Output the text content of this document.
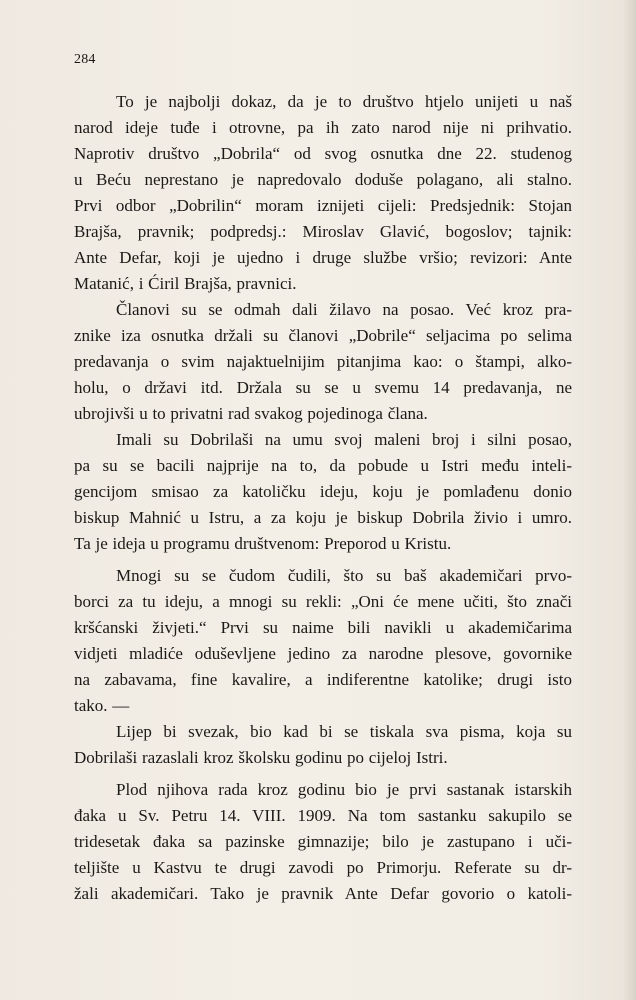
284
To je najbolji dokaz, da je to društvo htjelo unijeti u naš
narod ideje tuđe i otrovne, pa ih zato narod nije ni prihvatio.
Naprotiv društvo „Dobrila“ od svog osnutka dne 22. studenog
u Beću neprestano je napredovalo doduše polagano, ali stalno.
Prvi odbor „Dobrilin“ moram iznijeti cijeli: Predsjednik: Stojan
Brajša, pravnik; podpredsj.: Miroslav Glavić, bogoslov; tajnik:
Ante Defar, koji je ujedno i druge službe vršio; revizori: Ante
Matanić, i Ćiril Brajša, pravnici.
Članovi su se odmah dali žilavo na posao. Već kroz pra-
znike iza osnutka držali su članovi „Dobrile“ seljacima po selima
predavanja o svim najaktuelnijim pitanjima kao: o štampi, alko-
holu, o državi itd. Držala su se u svemu 14 predavanja, ne
ubrojivši u to privatni rad svakog pojedinoga člana.
Imali su Dobrilaši na umu svoj maleni broj i silni posao,
pa su se bacili najprije na to, da pobude u Istri među inteli-
gencijom smisao za katoličku ideju, koju je pomlađenu donio
biskup Mahnić u Istru, a za koju je biskup Dobrila živio i umro.
Ta je ideja u programu društvenom: Preporod u Kristu.
Mnogi su se čudom čudili, što su baš akademičari prvo-
borci za tu ideju, a mnogi su rekli: „Oni će mene učiti, što znači
kršćanski živjeti.“ Prvi su naime bili navikli u akademičarima
vidjeti mladiće oduševljene jedino za narodne plesove, govornike
na zabavama, fine kavalire, a indiferentne katolike; drugi isto
tako. —
Lijep bi svezak, bio kad bi se tiskala sva pisma, koja su
Dobrilaši razaslali kroz školsku godinu po cijeloj Istri.
Plod njihova rada kroz godinu bio je prvi sastanak istarskih
đaka u Sv. Petru 14. VIII. 1909. Na tom sastanku sakupilo se
tridesetak đaka sa pazinske gimnazije; bilo je zastupano i uči-
teljište u Kastvu te drugi zavodi po Primorju. Referate su dr-
žali akademičari. Tako je pravnik Ante Defar govorio o katoli-
